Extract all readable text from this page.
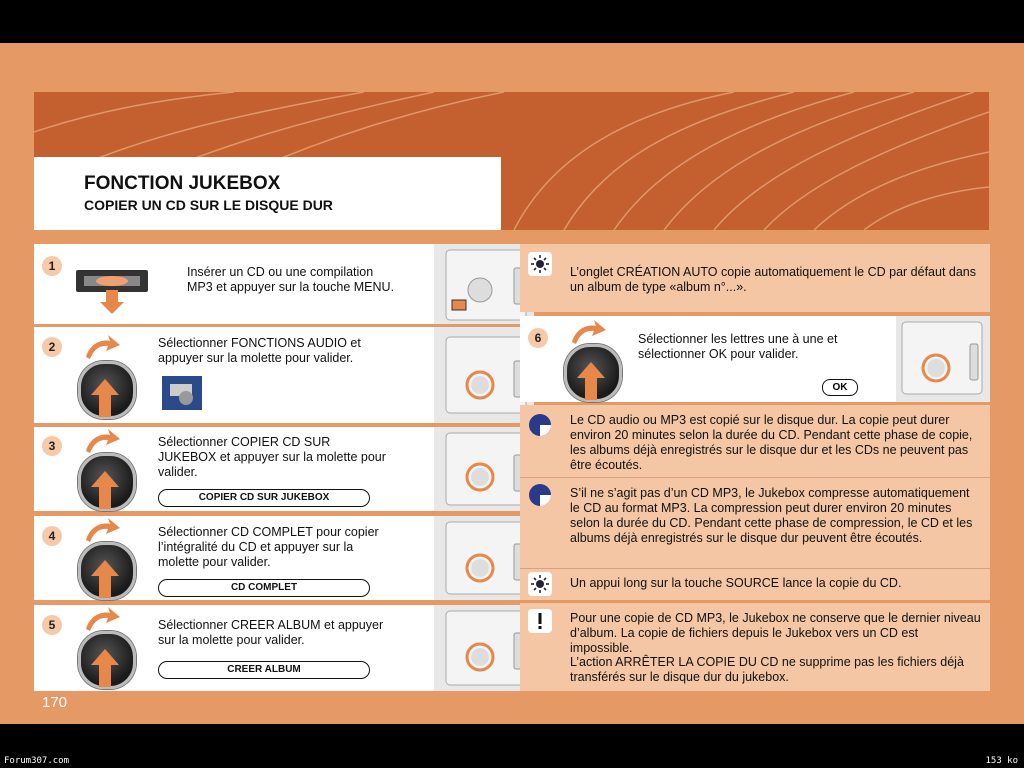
FONCTION JUKEBOX
COPIER UN CD SUR LE DISQUE DUR
1	Insérer un CD ou une compilation MP3 et appuyer sur la touche MENU.
2	Sélectionner FONCTIONS AUDIO et appuyer sur la molette pour valider.
3	Sélectionner COPIER CD SUR JUKEBOX et appuyer sur la molette pour valider.
COPIER CD SUR JUKEBOX
4	Sélectionner CD COMPLET pour copier l’intégralité du CD et appuyer sur la molette pour valider.
CD COMPLET
5	Sélectionner CREER ALBUM et appuyer sur la molette pour valider.
CREER ALBUM
L’onglet CRÉATION AUTO copie automatiquement le CD par défaut dans un album de type «album n°...».
6	Sélectionner les lettres une à une et sélectionner OK pour valider.
OK
Le CD audio ou MP3 est copié sur le disque dur. La copie peut durer environ 20 minutes selon la durée du CD. Pendant cette phase de copie, les albums déjà enregistrés sur le disque dur et les CDs ne peuvent pas être écoutés.
S’il ne s’agit pas d’un CD MP3, le Jukebox compresse automatiquement le CD au format MP3. La compression peut durer environ 20 minutes selon la durée du CD. Pendant cette phase de compression, le CD et les albums déjà enregistrés sur le disque dur peuvent être écoutés.
Un appui long sur la touche SOURCE lance la copie du CD.
Pour une copie de CD MP3, le Jukebox ne conserve que le dernier niveau d’album. La copie de fichiers depuis le Jukebox vers un CD est impossible.
L’action ARRÊTER LA COPIE DU CD ne supprime pas les fichiers déjà transférés sur le disque dur du jukebox.
170
Forum307.com	153 ko
